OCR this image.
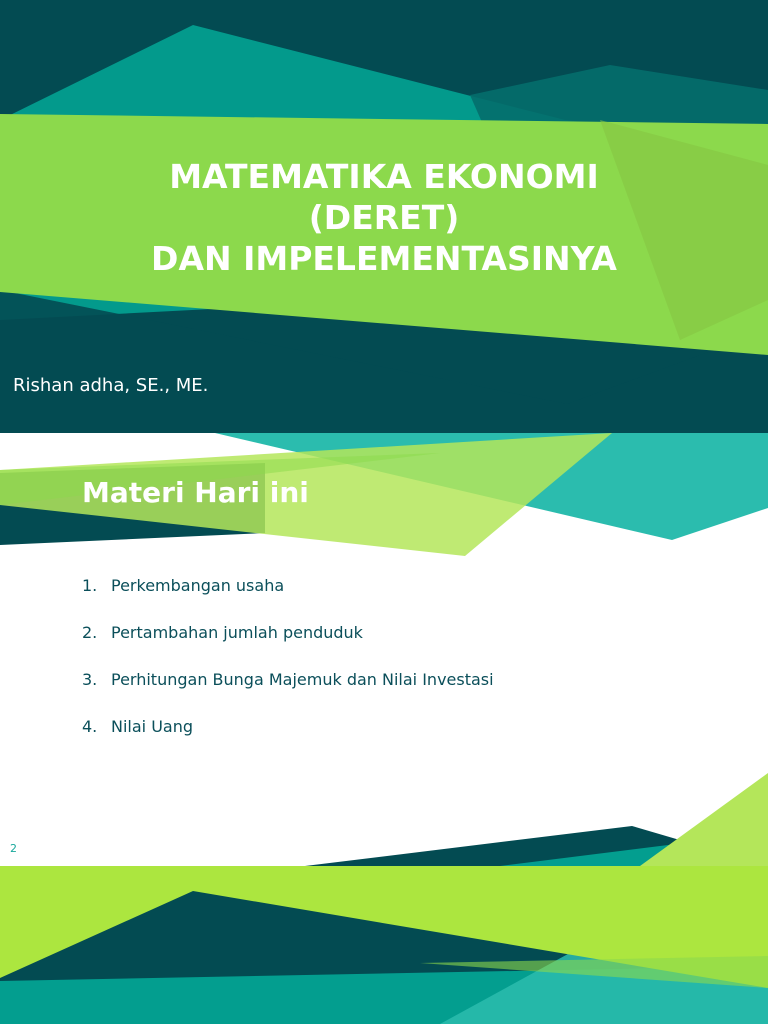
MATEMATIKA EKONOMI
(DERET)
DAN IMPELEMENTASINYA

Rishan adha, SE., ME.

Materi Hari ini
1. Perkembangan usaha
2. Pertambahan jumlah penduduk
3. Perhitungan Bunga Majemuk dan Nilai Investasi
4. Nilai Uang

2
